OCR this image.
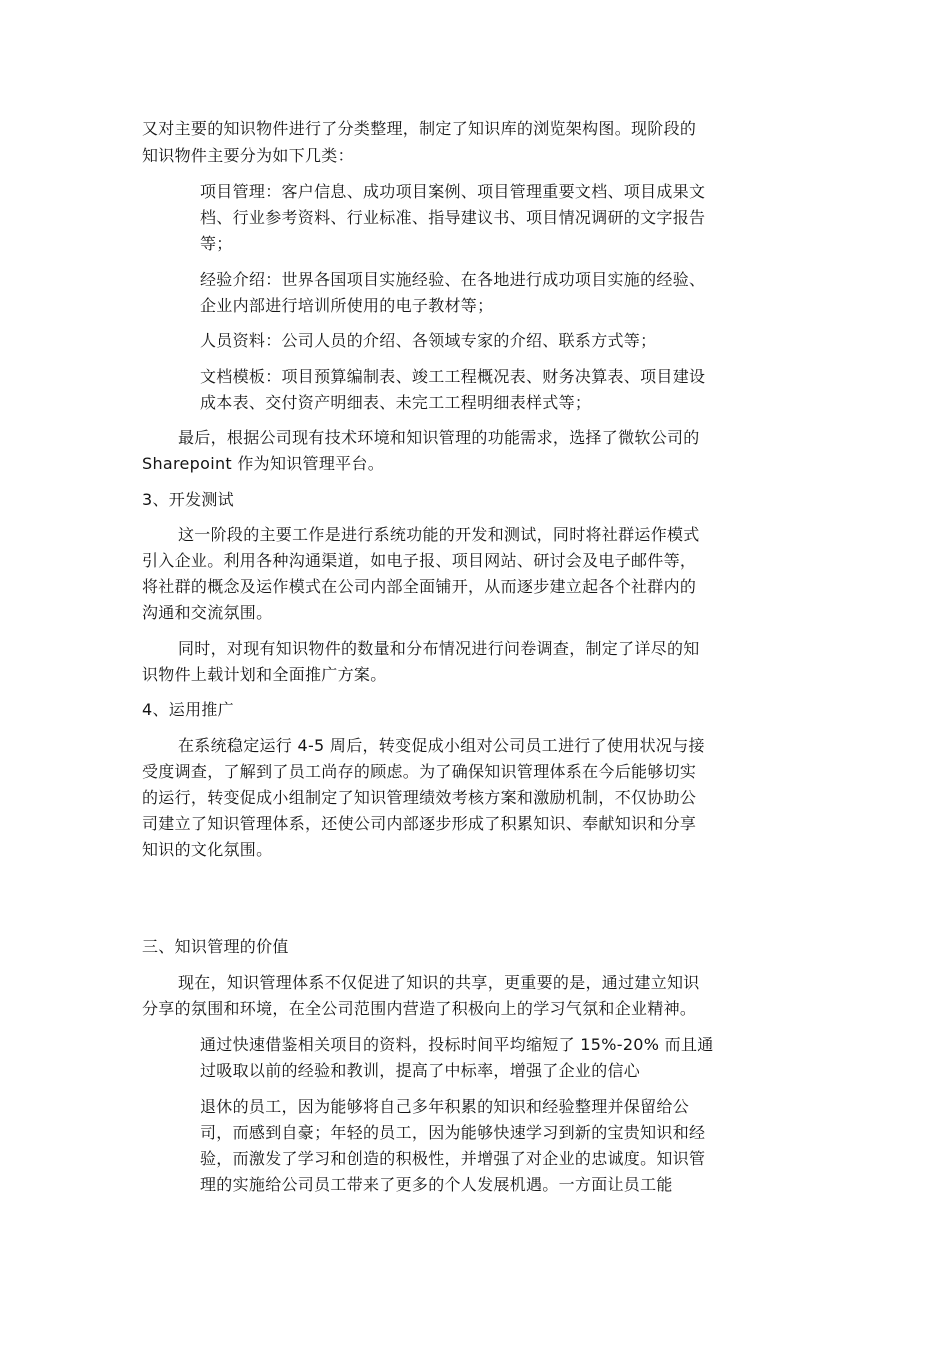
又对主要的知识物件进行了分类整理，制定了知识库的浏览架构图。现阶段的
知识物件主要分为如下几类：
项目管理：客户信息、成功项目案例、项目管理重要文档、项目成果文
档、行业参考资料、行业标准、指导建议书、项目情况调研的文字报告
等；
经验介绍：世界各国项目实施经验、在各地进行成功项目实施的经验、
企业内部进行培训所使用的电子教材等；
人员资料：公司人员的介绍、各领域专家的介绍、联系方式等；
文档模板：项目预算编制表、竣工工程概况表、财务决算表、项目建设
成本表、交付资产明细表、未完工工程明细表样式等；
最后，根据公司现有技术环境和知识管理的功能需求，选择了微软公司的
Sharepoint 作为知识管理平台。
3、开发测试
这一阶段的主要工作是进行系统功能的开发和测试，同时将社群运作模式
引入企业。利用各种沟通渠道，如电子报、项目网站、研讨会及电子邮件等，
将社群的概念及运作模式在公司内部全面铺开，从而逐步建立起各个社群内的
沟通和交流氛围。
同时，对现有知识物件的数量和分布情况进行问卷调查，制定了详尽的知
识物件上载计划和全面推广方案。
4、运用推广
在系统稳定运行 4-5 周后，转变促成小组对公司员工进行了使用状况与接
受度调查，了解到了员工尚存的顾虑。为了确保知识管理体系在今后能够切实
的运行，转变促成小组制定了知识管理绩效考核方案和激励机制，不仅协助公
司建立了知识管理体系，还使公司内部逐步形成了积累知识、奉献知识和分享
知识的文化氛围。
三、知识管理的价值
现在，知识管理体系不仅促进了知识的共享，更重要的是，通过建立知识
分享的氛围和环境，在全公司范围内营造了积极向上的学习气氛和企业精神。
通过快速借鉴相关项目的资料，投标时间平均缩短了 15%-20% 而且通
过吸取以前的经验和教训，提高了中标率，增强了企业的信心
退休的员工，因为能够将自己多年积累的知识和经验整理并保留给公
司，而感到自豪；年轻的员工，因为能够快速学习到新的宝贵知识和经
验，而激发了学习和创造的积极性，并增强了对企业的忠诚度。知识管
理的实施给公司员工带来了更多的个人发展机遇。一方面让员工能
